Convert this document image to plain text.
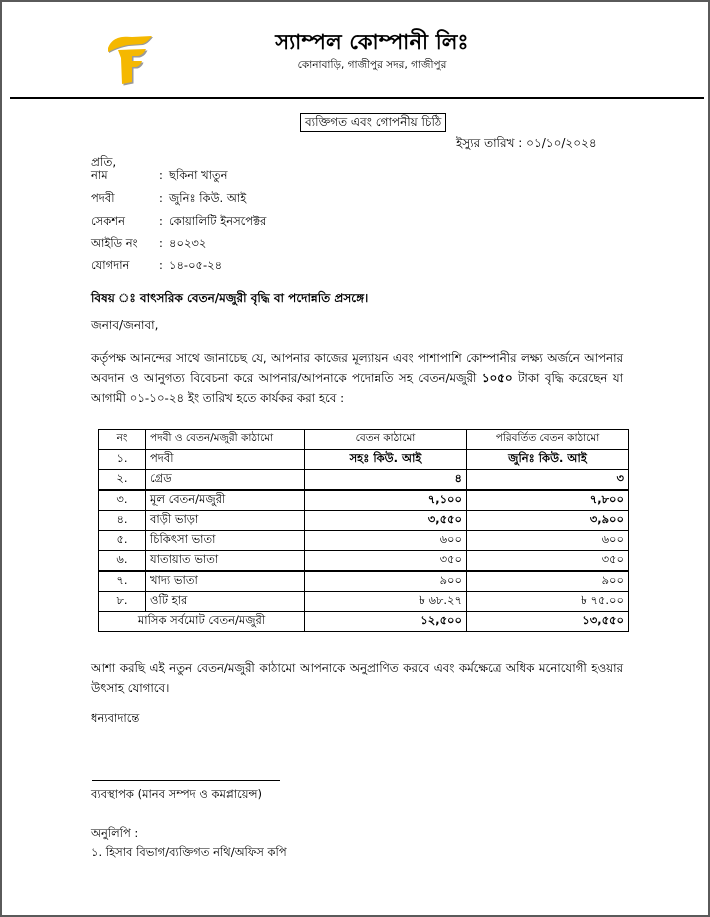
স্যাম্পল কোম্পানী লিঃ
কোনাবাড়ি, গাজীপুর সদর, গাজীপুর
ব্যক্তিগত এবং গোপনীয় চিঠি
ইস্যুর তারিখ : ০১/১০/২০২৪
প্রতি,
নাম	: ছকিনা খাতুন
পদবী	: জুনিঃ কিউ. আই
সেকশন	: কোয়ালিটি ইনসপেক্টর
আইডি নং : ৪০২৩২
যোগদান	: ১৪-০৫-২৪
বিষয় ঃ বাৎসরিক বেতন/মজুরী বৃদ্ধি বা পদোন্নতি প্রসঙ্গে।
জনাব/জনাবা,
কর্তৃপক্ষ আনন্দের সাথে জানাচেছ যে, আপনার কাজের মূল্যায়ন এবং পাশাপাশি কোম্পানীর লক্ষ্য অর্জনে আপনার অবদান ও আনুগত্য বিবেচনা করে আপনার/আপনাকে পদোন্নতি সহ বেতন/মজুরী ১০৫০ টাকা বৃদ্ধি করেছেন যা আগামী ০১-১০-২৪ ইং তারিখ হতে কার্যকর করা হবে :
নং	পদবী ও বেতন/মজুরী কাঠামো	বেতন কাঠামো	পরিবর্তিত বেতন কাঠামো
১.	পদবী	সহঃ কিউ. আই	জুনিঃ কিউ. আই
২.	গ্রেড	৪	৩
৩.	মূল বেতন/মজুরী	৭,১০০	৭,৮০০
৪.	বাড়ী ভাড়া	৩,৫৫০	৩,৯০০
৫.	চিকিৎসা ভাতা	৬০০	৬০০
৬.	যাতায়াত ভাতা	৩৫০	৩৫০
৭.	খাদ্য ভাতা	৯০০	৯০০
৮.	ওটি হার	৳ ৬৮.২৭	৳ ৭৫.০০
মাসিক সর্বমোট বেতন/মজুরী		১২,৫০০	১৩,৫৫০
আশা করছি এই নতুন বেতন/মজুরী কাঠামো আপনাকে অনুপ্রাণিত করবে এবং কর্মক্ষেত্রে অধিক মনোযোগী হওয়ার উৎসাহ যোগাবে।
ধন্যবাদান্তে
ব্যবস্থাপক (মানব সম্পদ ও কমপ্লায়েন্স)
অনুলিপি :
১. হিসাব বিভাগ/ব্যক্তিগত নথি/অফিস কপি
